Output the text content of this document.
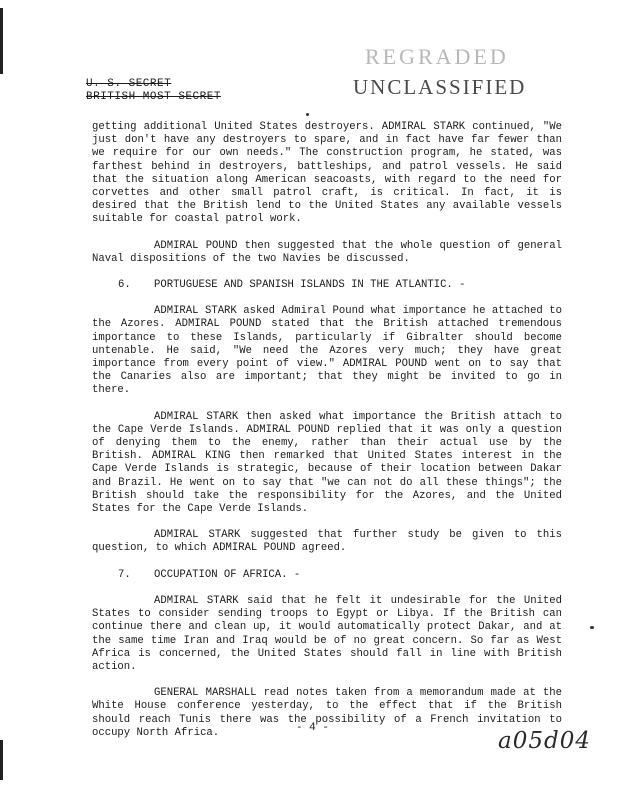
U. S. SECRET
BRITISH MOST SECRET
REGRADED
UNCLASSIFIED

getting additional United States destroyers. ADMIRAL STARK continued, "We just don't have any destroyers to spare, and in fact have far fewer than we require for our own needs." The construction program, he stated, was farthest behind in destroyers, battleships, and patrol vessels. He said that the situation along American seacoasts, with regard to the need for corvettes and other small patrol craft, is critical. In fact, it is desired that the British lend to the United States any available vessels suitable for coastal patrol work.

ADMIRAL POUND then suggested that the whole question of general Naval dispositions of the two Navies be discussed.

6. PORTUGUESE AND SPANISH ISLANDS IN THE ATLANTIC. -

ADMIRAL STARK asked Admiral Pound what importance he attached to the Azores. ADMIRAL POUND stated that the British attached tremendous importance to these Islands, particularly if Gibralter should become untenable. He said, "We need the Azores very much; they have great importance from every point of view." ADMIRAL POUND went on to say that the Canaries also are important; that they might be invited to go in there.

ADMIRAL STARK then asked what importance the British attach to the Cape Verde Islands. ADMIRAL POUND replied that it was only a question of denying them to the enemy, rather than their actual use by the British. ADMIRAL KING then remarked that United States interest in the Cape Verde Islands is strategic, because of their location between Dakar and Brazil. He went on to say that "we can not do all these things"; the British should take the responsibility for the Azores, and the United States for the Cape Verde Islands.

ADMIRAL STARK suggested that further study be given to this question, to which ADMIRAL POUND agreed.

7. OCCUPATION OF AFRICA. -

ADMIRAL STARK said that he felt it undesirable for the United States to consider sending troops to Egypt or Libya. If the British can continue there and clean up, it would automatically protect Dakar, and at the same time Iran and Iraq would be of no great concern. So far as West Africa is concerned, the United States should fall in line with British action.

GENERAL MARSHALL read notes taken from a memorandum made at the White House conference yesterday, to the effect that if the British should reach Tunis there was the possibility of a French invitation to occupy North Africa.	- 4 -	a05d04
